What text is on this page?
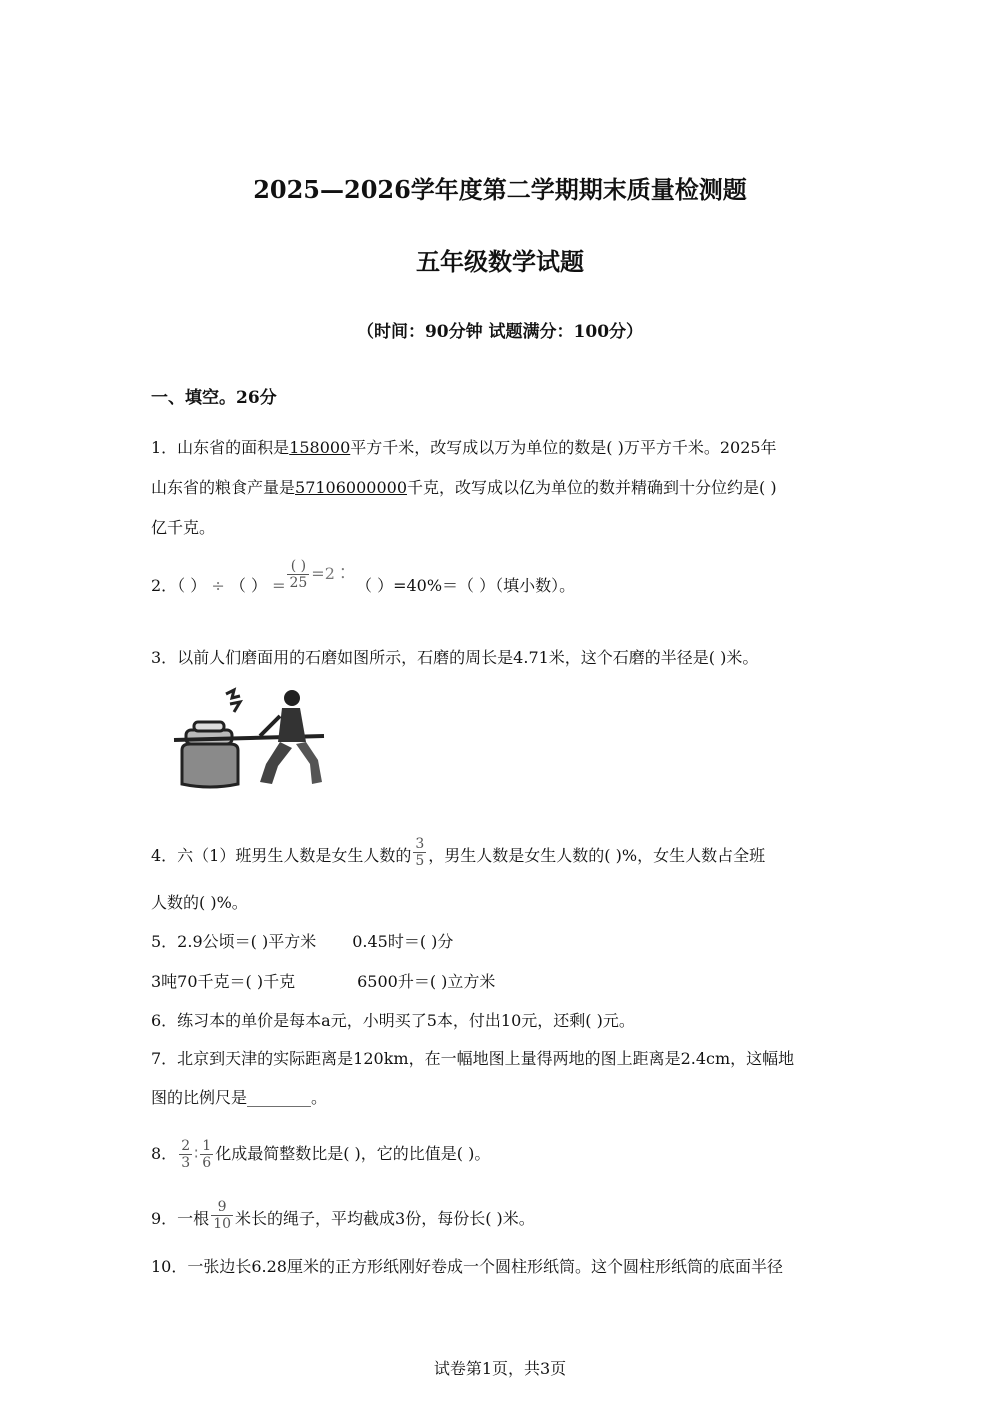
2025—2026学年度第二学期期末质量检测题
五年级数学试题
（时间：90分钟 试题满分：100分）
一、填空。26分
1．山东省的面积是158000平方千米，改写成以万为单位的数是( )万平方千米。2025年
山东省的粮食产量是57106000000千克，改写成以亿为单位的数并精确到十分位约是( )
亿千克。
2．（ ） ÷ （ ） = $\frac{( )}{25}$ =2∶ （ ）=40%＝（ ）（填小数）。
3．以前人们磨面用的石磨如图所示，石磨的周长是4.71米，这个石磨的半径是( )米。
4．六（1）班男生人数是女生人数的 $\frac{3}{5}$ ，男生人数是女生人数的( )%，女生人数占全班
人数的( )%。
5．2.9公顷＝( )平方米 0.45时＝( )分
3吨70千克＝( )千克	6500升＝( )立方米
6．练习本的单价是每本a元，小明买了5本，付出10元，还剩( )元。
7．北京到天津的实际距离是120km，在一幅地图上量得两地的图上距离是2.4cm，这幅地
图的比例尺是________。
8． $\frac{2}{3}$ ∶ $\frac{1}{6}$ 化成最简整数比是( )，它的比值是( )。
9．一根 $\frac{9}{10}$ 米长的绳子，平均截成3份，每份长( )米。
10．一张边长6.28厘米的正方形纸刚好卷成一个圆柱形纸筒。这个圆柱形纸筒的底面半径
试卷第1页，共3页
